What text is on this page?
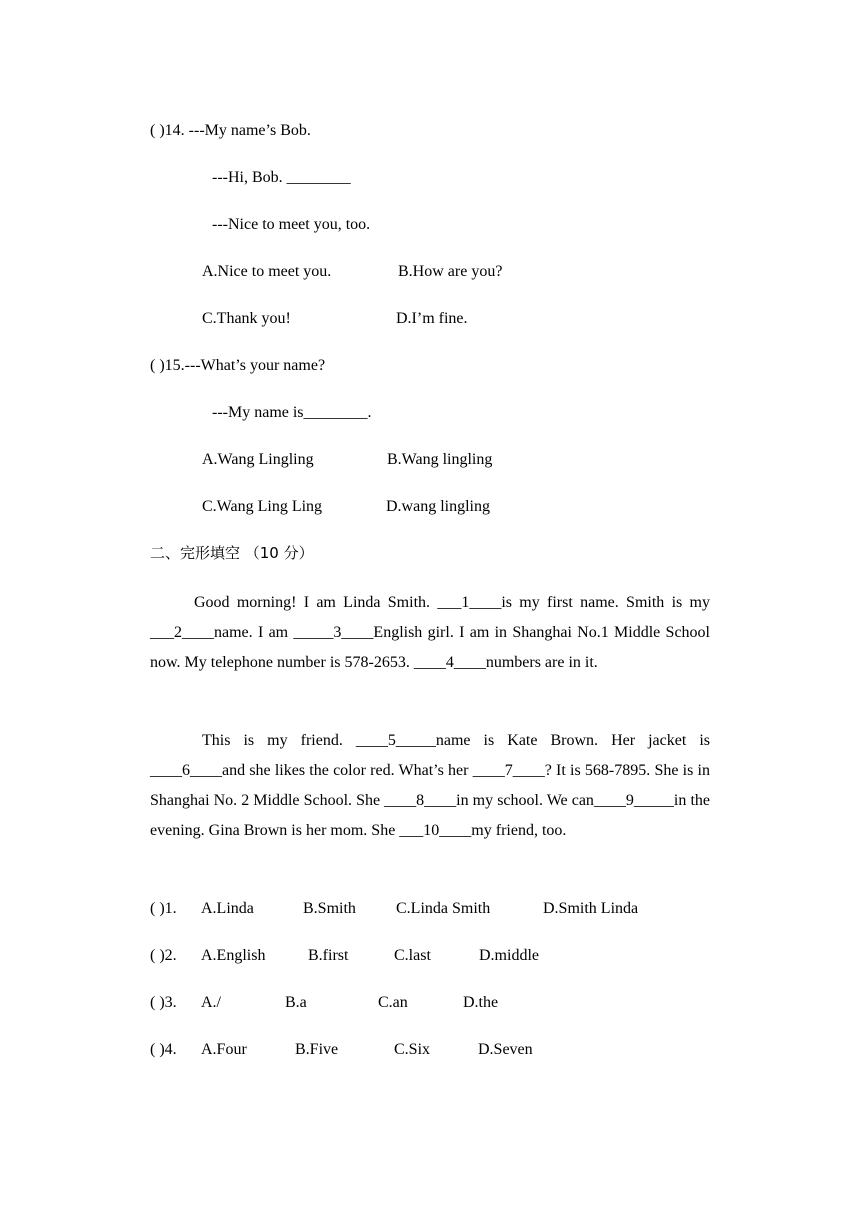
( )14. ---My name’s Bob.
---Hi, Bob. ________
---Nice to meet you, too.
A.Nice to meet you.	B.How are you?
C.Thank you!	D.I’m fine.
( )15.---What’s your name?
---My name is________.
A.Wang Lingling	B.Wang lingling
C.Wang Ling Ling	D.wang lingling
二、完形填空 （10 分）
Good morning! I am Linda Smith. ___1____is my first name. Smith is my ___2____name. I am _____3____English girl. I am in Shanghai No.1 Middle School now. My telephone number is 578-2653. ____4____numbers are in it.
This is my friend. ____5_____name is Kate Brown. Her jacket is ____6____and she likes the color red. What’s her ____7____? It is 568-7895. She is in Shanghai No. 2 Middle School. She ____8____in my school. We can____9_____in the evening. Gina Brown is her mom. She ___10____my friend, too.
( )1. A.Linda	B.Smith	C.Linda Smith	D.Smith Linda
( )2. A.English	B.first	C.last	D.middle
( )3. A./	B.a	C.an	D.the
( )4. A.Four	B.Five	C.Six	D.Seven
